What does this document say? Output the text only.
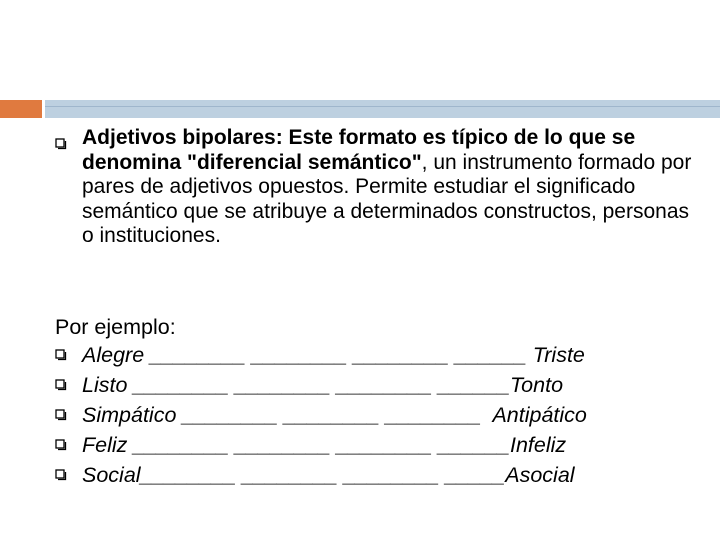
Adjetivos bipolares: Este formato es típico de lo que se denomina "diferencial semántico", un instrumento formado por pares de adjetivos opuestos. Permite estudiar el significado semántico que se atribuye a determinados constructos, personas o instituciones.
Por ejemplo:
Alegre ________ ________ ________ ______ Triste
Listo ________ ________ ________ ______Tonto
Simpático ________ ________ ________  Antipático
Feliz ________ ________ ________ ______Infeliz
Social________ ________ ________ _____Asocial
